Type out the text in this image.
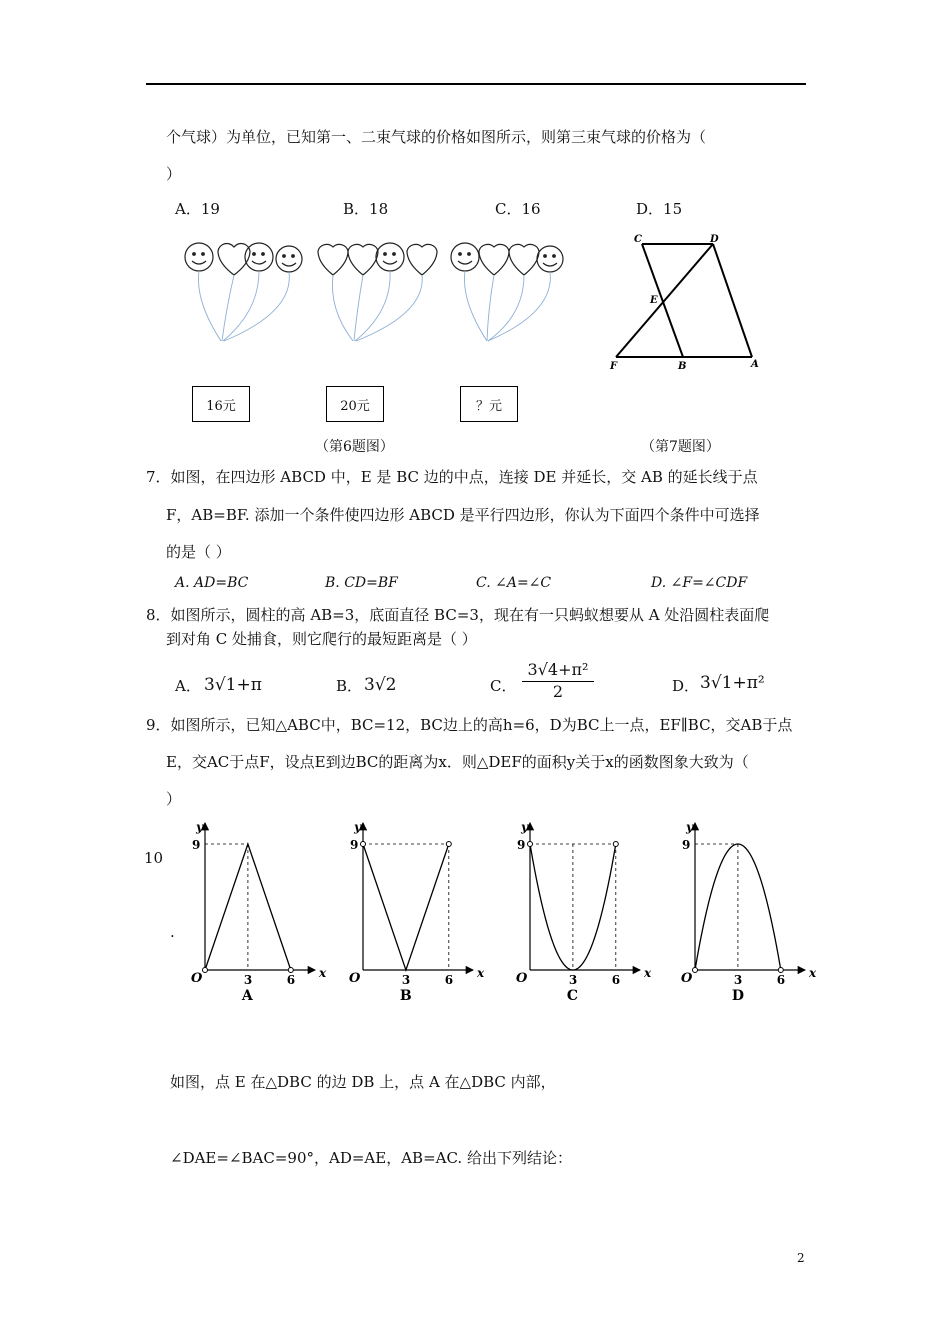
个气球）为单位，已知第一、二束气球的价格如图所示，则第三束气球的价格为（
）
A．19	B．18	C．16	D．15
16元	20元	？元
（第6题图）
C	D
E
F	B	A
（第7题图）
7．如图，在四边形 ABCD 中，E 是 BC 边的中点，连接 DE 并延长，交 AB 的延长线于点
F，AB=BF. 添加一个条件使四边形 ABCD 是平行四边形，你认为下面四个条件中可选择
的是（ ）
A. AD=BC	B. CD=BF	C. ∠A=∠C	D. ∠F=∠CDF
8．如图所示，圆柱的高 AB=3，底面直径 BC=3，现在有一只蚂蚁想要从 A 处沿圆柱表面爬
到对角 C 处捕食，则它爬行的最短距离是（ ）
A． 3√1+π	B． 3√2	C．
3√4+π²
2	D． 3√1+π²
9．如图所示，已知△ABC中，BC=12，BC边上的高h=6，D为BC上一点，EF∥BC，交AB于点
E，交AC于点F，设点E到边BC的距离为x．则△DEF的面积y关于x的函数图象大致为（
）
10
.
y
x
O
9
3	6
A
y
x
O
9
3	6
B
y
x
O
9
3	6
C
y
x
O
9
3	6
D
如图，点 E 在△DBC 的边 DB 上，点 A 在△DBC 内部，
∠DAE=∠BAC=90°，AD=AE，AB=AC. 给出下列结论：
2
